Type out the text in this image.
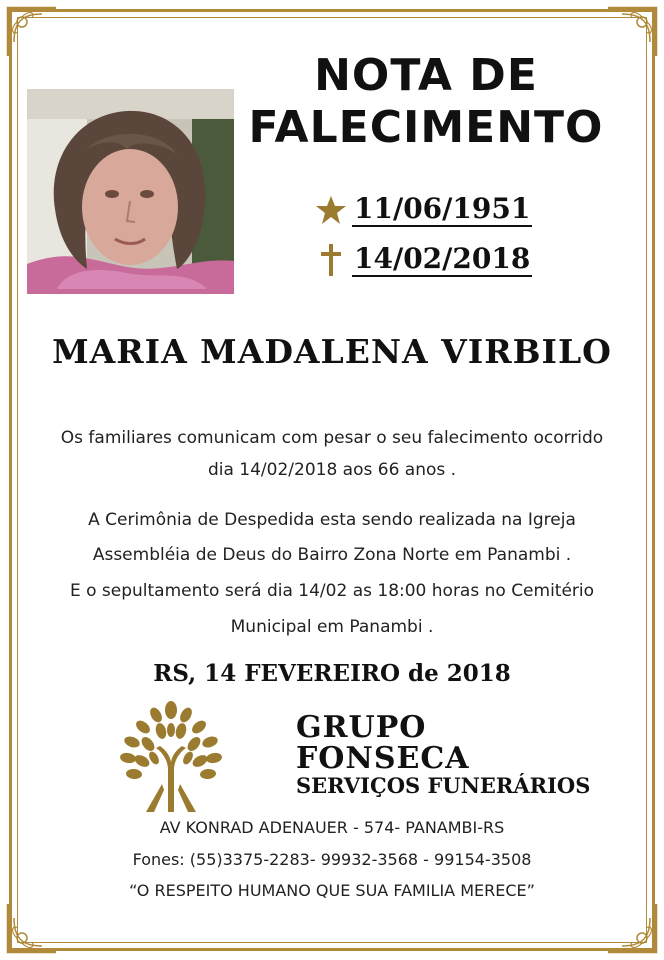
NOTA DE
FALECIMENTO
11/06/1951
14/02/2018
MARIA MADALENA VIRBILO

Os familiares comunicam com pesar o seu falecimento ocorrido

dia 14/02/2018 aos 66 anos .

A Cerimônia de Despedida esta sendo realizada na Igreja

Assembléia de Deus do Bairro Zona Norte em Panambi .

E o sepultamento será dia 14/02 as 18:00 horas no Cemitério

Municipal em Panambi .

RS, 14 FEVEREIRO de 2018

GRUPO

FONSECA

SERVIÇOS FUNERÁRIOS

AV KONRAD ADENAUER - 574- PANAMBI-RS

Fones: (55)3375-2283- 99932-3568 - 99154-3508

“O RESPEITO HUMANO QUE SUA FAMILIA MERECE”
